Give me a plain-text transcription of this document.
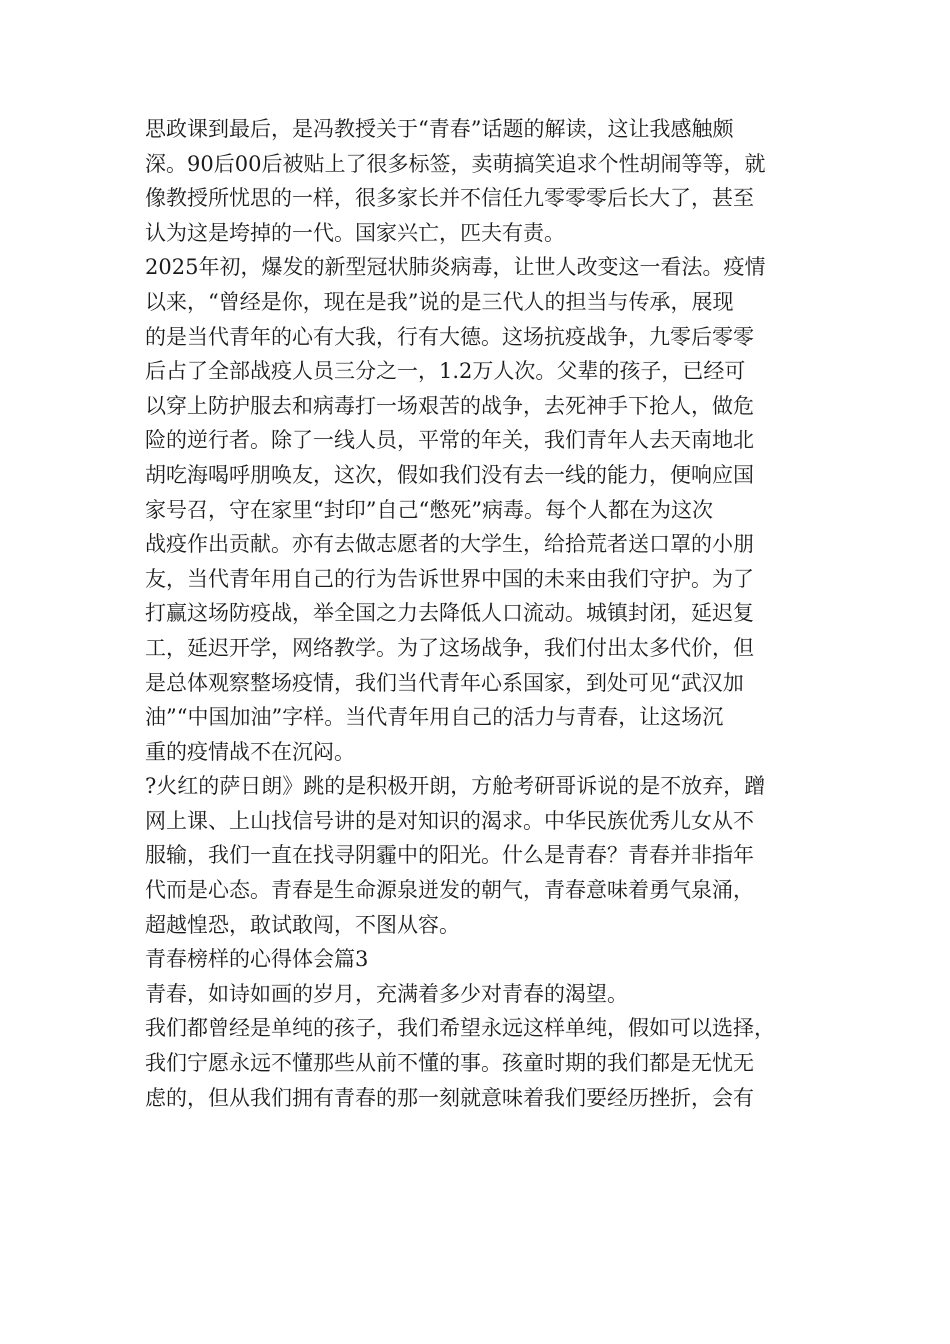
思政课到最后，是冯教授关于“青春”话题的解读，这让我感触颇
深。90后00后被贴上了很多标签，卖萌搞笑追求个性胡闹等等，就
像教授所忧思的一样，很多家长并不信任九零零零后长大了，甚至
认为这是垮掉的一代。国家兴亡，匹夫有责。
2025年初，爆发的新型冠状肺炎病毒，让世人改变这一看法。疫情
以来，“曾经是你，现在是我”说的是三代人的担当与传承，展现
的是当代青年的心有大我，行有大德。这场抗疫战争，九零后零零
后占了全部战疫人员三分之一，1.2万人次。父辈的孩子，已经可
以穿上防护服去和病毒打一场艰苦的战争，去死神手下抢人，做危
险的逆行者。除了一线人员，平常的年关，我们青年人去天南地北
胡吃海喝呼朋唤友，这次，假如我们没有去一线的能力，便响应国
家号召，守在家里“封印”自己“憋死”病毒。每个人都在为这次
战疫作出贡献。亦有去做志愿者的大学生，给拾荒者送口罩的小朋
友，当代青年用自己的行为告诉世界中国的未来由我们守护。为了
打赢这场防疫战，举全国之力去降低人口流动。城镇封闭，延迟复
工，延迟开学，网络教学。为了这场战争，我们付出太多代价，但
是总体观察整场疫情，我们当代青年心系国家，到处可见“武汉加
油”“中国加油”字样。当代青年用自己的活力与青春，让这场沉
重的疫情战不在沉闷。
?火红的萨日朗》跳的是积极开朗，方舱考研哥诉说的是不放弃，蹭
网上课、上山找信号讲的是对知识的渴求。中华民族优秀儿女从不
服输，我们一直在找寻阴霾中的阳光。什么是青春？青春并非指年
代而是心态。青春是生命源泉迸发的朝气，青春意味着勇气泉涌，
超越惶恐，敢试敢闯，不图从容。
青春榜样的心得体会篇3
青春，如诗如画的岁月，充满着多少对青春的渴望。
我们都曾经是单纯的孩子，我们希望永远这样单纯，假如可以选择，
我们宁愿永远不懂那些从前不懂的事。孩童时期的我们都是无忧无
虑的，但从我们拥有青春的那一刻就意味着我们要经历挫折，会有
